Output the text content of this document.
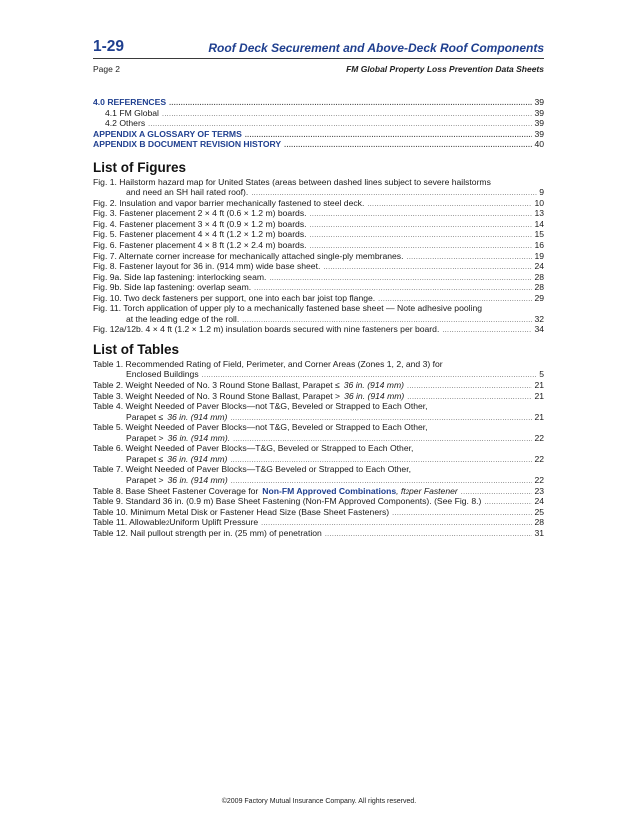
1-29	Roof Deck Securement and Above-Deck Roof Components
Page 2	FM Global Property Loss Prevention Data Sheets
4.0 REFERENCES .....	39
4.1 FM Global .....	39
4.2 Others .....	39
APPENDIX A GLOSSARY OF TERMS .....	39
APPENDIX B DOCUMENT REVISION HISTORY .....	40
List of Figures
Fig. 1. Hailstorm hazard map for United States (areas between dashed lines subject to severe hailstorms
and need an SH hail rated roof). .....	9
Fig. 2. Insulation and vapor barrier mechanically fastened to steel deck. .....	10
Fig. 3. Fastener placement 2 × 4 ft (0.6 × 1.2 m) boards. .....	13
Fig. 4. Fastener placement 3 × 4 ft (0.9 × 1.2 m) boards. .....	14
Fig. 5. Fastener placement 4 × 4 ft (1.2 × 1.2 m) boards. .....	15
Fig. 6. Fastener placement 4 × 8 ft (1.2 × 2.4 m) boards. .....	16
Fig. 7. Alternate corner increase for mechanically attached single-ply membranes. .....	19
Fig. 8. Fastener layout for 36 in. (914 mm) wide base sheet. .....	24
Fig. 9a. Side lap fastening: interlocking seam. .....	28
Fig. 9b. Side lap fastening: overlap seam. .....	28
Fig. 10. Two deck fasteners per support, one into each bar joist top flange. .....	29
Fig. 11. Torch application of upper ply to a mechanically fastened base sheet — Note adhesive pooling
at the leading edge of the roll. .....	32
Fig. 12a/12b. 4 × 4 ft (1.2 × 1.2 m) insulation boards secured with nine fasteners per board. .....	34
List of Tables
Table 1. Recommended Rating of Field, Perimeter, and Corner Areas (Zones 1, 2, and 3) for
Enclosed Buildings .....	5
Table 2. Weight Needed of No. 3 Round Stone Ballast, Parapet ≤ 36 in. (914 mm) .....	21
Table 3. Weight Needed of No. 3 Round Stone Ballast, Parapet > 36 in. (914 mm) .....	21
Table 4. Weight Needed of Paver Blocks—not T&G, Beveled or Strapped to Each Other,
Parapet ≤ 36 in. (914 mm) .....	21
Table 5. Weight Needed of Paver Blocks—not T&G, Beveled or Strapped to Each Other,
Parapet > 36 in. (914 mm). .....	22
Table 6. Weight Needed of Paver Blocks—T&G, Beveled or Strapped to Each Other,
Parapet ≤ 36 in. (914 mm) .....	22
Table 7. Weight Needed of Paver Blocks—T&G Beveled or Strapped to Each Other,
Parapet > 36 in. (914 mm) .....	22
Table 8. Base Sheet Fastener Coverage for Non-FM Approved Combinations , $ft_2$ per Fastener .....	23
Table 9. Standard 36 in. (0.9 m) Base Sheet Fastening (Non-FM Approved Components). (See Fig. 8.) .....	24
Table 10. Minimum Metal Disk or Fastener Head Size (Base Sheet Fasteners) .....	25
Table 11. Allowable$_2$ Uniform Uplift Pressure .....	28
Table 12. Nail pullout strength per in. (25 mm) of penetration .....	31
©2009 Factory Mutual Insurance Company. All rights reserved.
